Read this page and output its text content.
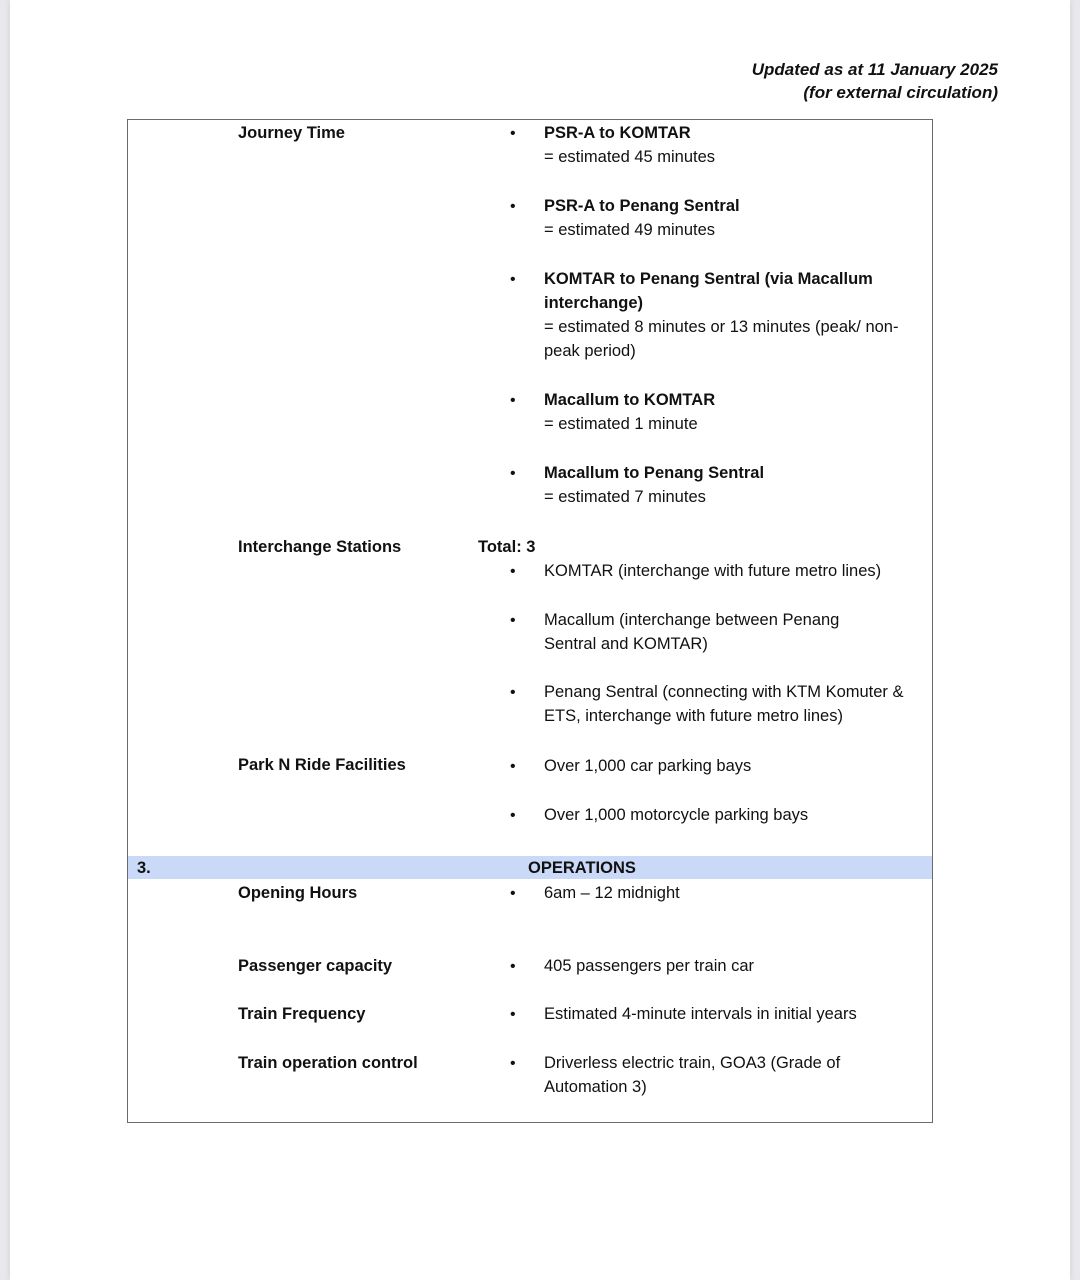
Updated as at 11 January 2025
(for external circulation)
Journey Time	• PSR-A to KOMTAR
= estimated 45 minutes
• PSR-A to Penang Sentral
= estimated 49 minutes
• KOMTAR to Penang Sentral (via Macallum interchange)
= estimated 8 minutes or 13 minutes (peak/ non-peak period)
• Macallum to KOMTAR
= estimated 1 minute
• Macallum to Penang Sentral
= estimated 7 minutes
Interchange Stations	Total: 3
• KOMTAR (interchange with future metro lines)
• Macallum (interchange between Penang Sentral and KOMTAR)
• Penang Sentral (connecting with KTM Komuter & ETS, interchange with future metro lines)
Park N Ride Facilities	• Over 1,000 car parking bays
• Over 1,000 motorcycle parking bays
3.	OPERATIONS
Opening Hours	• 6am – 12 midnight
Passenger capacity	• 405 passengers per train car
Train Frequency	• Estimated 4-minute intervals in initial years
Train operation control	• Driverless electric train, GOA3 (Grade of Automation 3)
